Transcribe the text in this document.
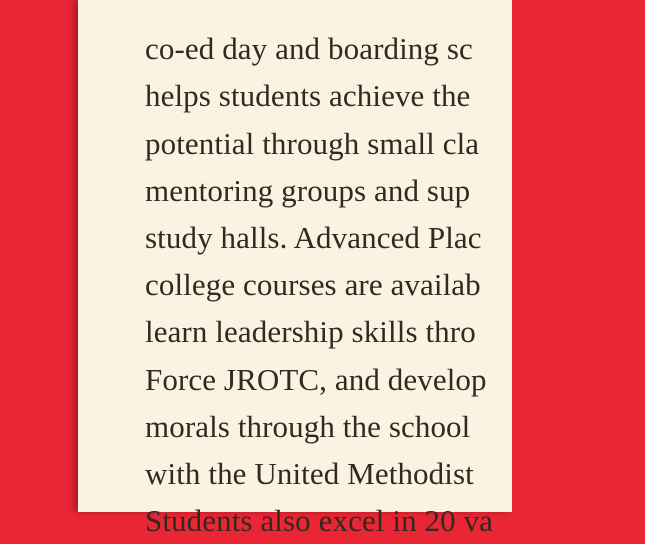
co-ed day and boarding sc
helps students achieve the
potential through small cla
mentoring groups and sup
study halls. Advanced Plac
college courses are availab
learn leadership skills thro
Force JROTC, and develop
morals through the school
with the United Methodist
Students also excel in 20 va
